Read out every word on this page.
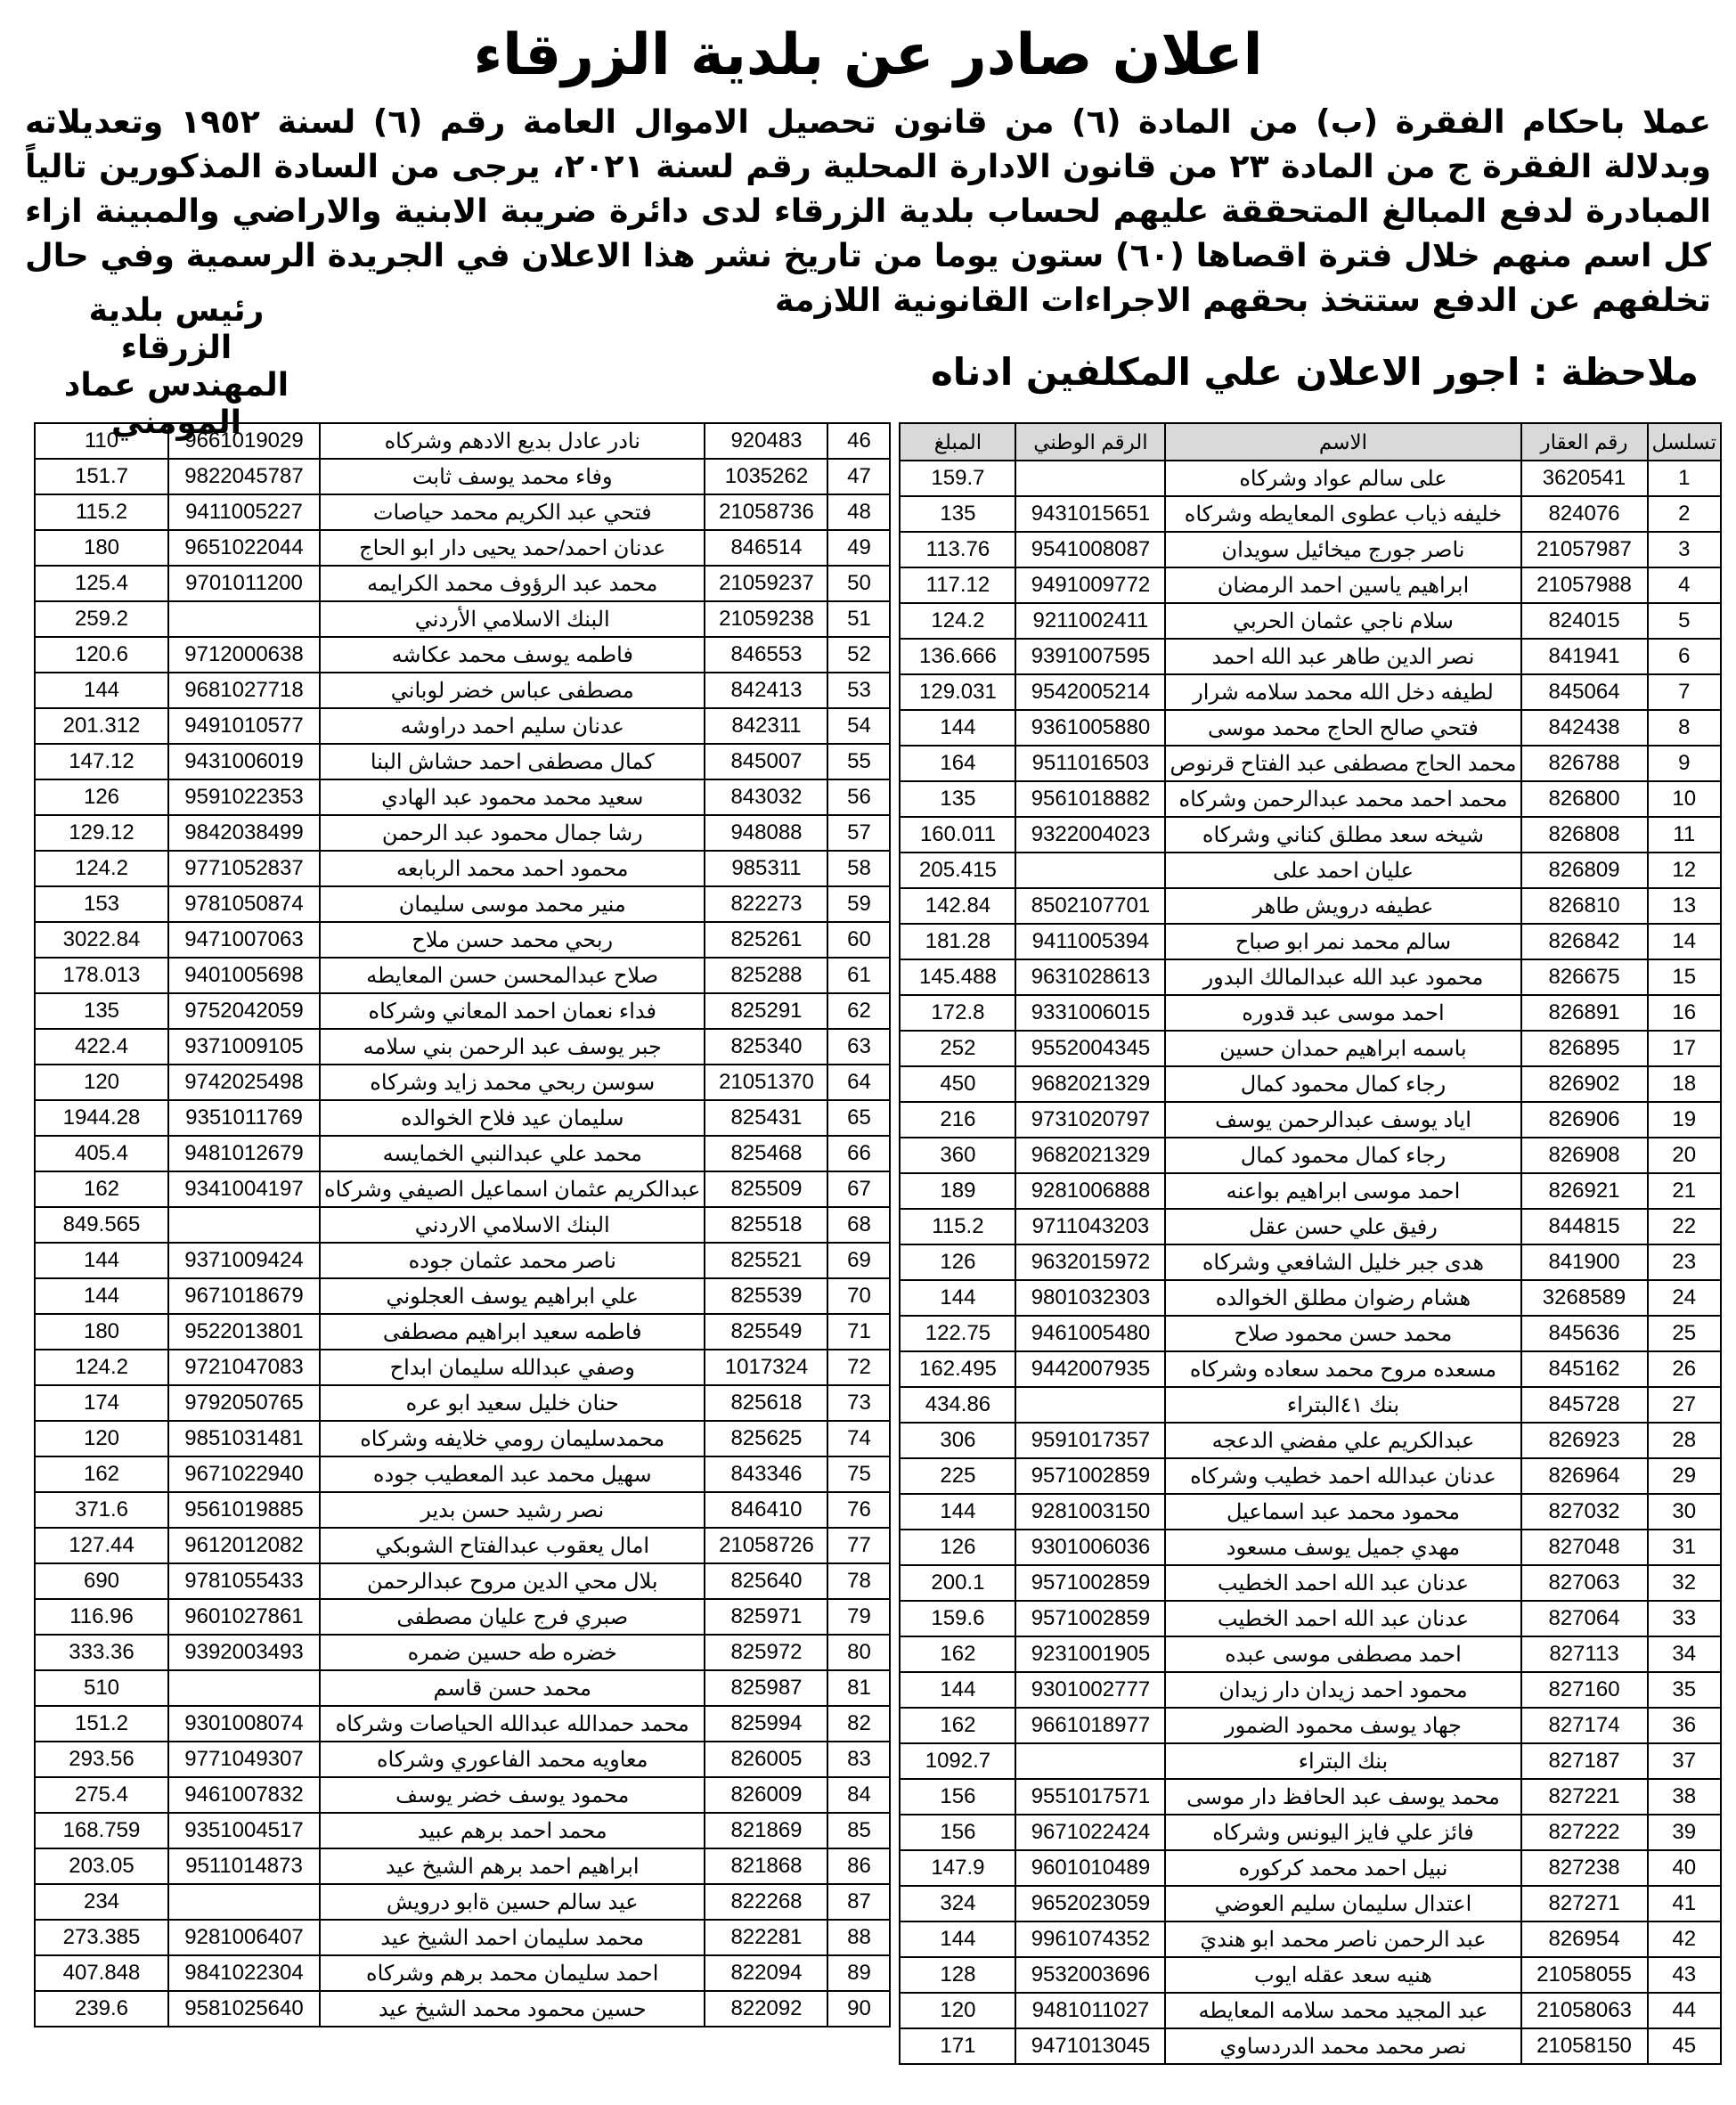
اعلان صادر عن بلدية الزرقاء
عملا باحكام الفقرة (ب) من المادة (٦) من قانون تحصيل الاموال العامة رقم (٦) لسنة ١٩٥٢ وتعديلاته وبدلالة الفقرة ج من المادة ٢٣ من قانون الادارة المحلية رقم لسنة ٢٠٢١، يرجى من السادة المذكورين تالياً المبادرة لدفع المبالغ المتحققة عليهم لحساب بلدية الزرقاء لدى دائرة ضريبة الابنية والاراضي والمبينة ازاء كل اسم منهم خلال فترة اقصاها (٦٠) ستون يوما من تاريخ نشر هذا الاعلان في الجريدة الرسمية وفي حال تخلفهم عن الدفع ستتخذ بحقهم الاجراءات القانونية اللازمة
رئيس بلدية الزرقاء
المهندس عماد المومني
ملاحظة : اجور الاعلان علي المكلفين ادناه
تسلسل	رقم العقار	الاسم	الرقم الوطني	المبلغ
1	3620541	على سالم عواد وشركاه		159.7
2	824076	خليفه ذياب عطوى المعايطه وشركاه	9431015651	135
3	21057987	ناصر جورج ميخائيل سويدان	9541008087	113.76
4	21057988	ابراهيم ياسين احمد الرمضان	9491009772	117.12
5	824015	سلام ناجي عثمان الحربي	9211002411	124.2
6	841941	نصر الدين طاهر عبد الله احمد	9391007595	136.666
7	845064	لطيفه دخل الله محمد سلامه شرار	9542005214	129.031
8	842438	فتحي صالح الحاج محمد موسى	9361005880	144
9	826788	محمد الحاج مصطفى عبد الفتاح قرنوص	9511016503	164
10	826800	محمد احمد محمد عبدالرحمن وشركاه	9561018882	135
11	826808	شيخه سعد مطلق كناني وشركاه	9322004023	160.011
12	826809	عليان احمد على		205.415
13	826810	عطيفه درويش طاهر	8502107701	142.84
14	826842	سالم محمد نمر ابو صباح	9411005394	181.28
15	826675	محمود عبد الله عبدالمالك البدور	9631028613	145.488
16	826891	احمد موسى عبد قدوره	9331006015	172.8
17	826895	باسمه ابراهيم حمدان حسين	9552004345	252
18	826902	رجاء كمال محمود كمال	9682021329	450
19	826906	اياد يوسف عبدالرحمن يوسف	9731020797	216
20	826908	رجاء كمال محمود كمال	9682021329	360
21	826921	احمد موسى ابراهيم بواعنه	9281006888	189
22	844815	رفيق علي حسن عقل	9711043203	115.2
23	841900	هدى جبر خليل الشافعي وشركاه	9632015972	126
24	3268589	هشام رضوان مطلق الخوالده	9801032303	144
25	845636	محمد حسن محمود صلاح	9461005480	122.75
26	845162	مسعده مروح محمد سعاده وشركاه	9442007935	162.495
27	845728	بنك ٤١البتراء		434.86
28	826923	عبدالكريم علي مفضي الدعجه	9591017357	306
29	826964	عدنان عبدالله احمد خطيب وشركاه	9571002859	225
30	827032	محمود محمد عبد اسماعيل	9281003150	144
31	827048	مهدي جميل يوسف مسعود	9301006036	126
32	827063	عدنان عبد الله احمد الخطيب	9571002859	200.1
33	827064	عدنان عبد الله احمد الخطيب	9571002859	159.6
34	827113	احمد مصطفى موسى عبده	9231001905	162
35	827160	محمود احمد زيدان دار زيدان	9301002777	144
36	827174	جهاد يوسف محمود الضمور	9661018977	162
37	827187	بنك البتراء		1092.7
38	827221	محمد يوسف عبد الحافظ دار موسى	9551017571	156
39	827222	فائز علي فايز اليونس وشركاه	9671022424	156
40	827238	نبيل احمد محمد كركوره	9601010489	147.9
41	827271	اعتدال سليمان سليم العوضي	9652023059	324
42	826954	عبد الرحمن ناصر محمد ابو هنديَ	9961074352	144
43	21058055	هنيه سعد عقله ايوب	9532003696	128
44	21058063	عبد المجيد محمد سلامه المعايطه	9481011027	120
45	21058150	نصر محمد محمد الدردساوي	9471013045	171
46	920483	نادر عادل بديع الادهم وشركاه	9661019029	110
47	1035262	وفاء محمد يوسف ثابت	9822045787	151.7
48	21058736	فتحي عبد الكريم محمد حياصات	9411005227	115.2
49	846514	عدنان احمد/حمد يحيى دار ابو الحاج	9651022044	180
50	21059237	محمد عبد الرؤوف محمد الكرايمه	9701011200	125.4
51	21059238	البنك الاسلامي الأردني		259.2
52	846553	فاطمه يوسف محمد عكاشه	9712000638	120.6
53	842413	مصطفى عباس خضر لوباني	9681027718	144
54	842311	عدنان سليم احمد دراوشه	9491010577	201.312
55	845007	كمال مصطفى احمد حشاش البنا	9431006019	147.12
56	843032	سعيد محمد محمود عبد الهادي	9591022353	126
57	948088	رشا جمال محمود عبد الرحمن	9842038499	129.12
58	985311	محمود احمد محمد الربابعه	9771052837	124.2
59	822273	منير محمد موسى سليمان	9781050874	153
60	825261	ربحي محمد حسن ملاح	9471007063	3022.84
61	825288	صلاح عبدالمحسن حسن المعايطه	9401005698	178.013
62	825291	فداء نعمان احمد المعاني وشركاه	9752042059	135
63	825340	جبر يوسف عبد الرحمن بني سلامه	9371009105	422.4
64	21051370	سوسن ربحي محمد زايد وشركاه	9742025498	120
65	825431	سليمان عيد فلاح الخوالده	9351011769	1944.28
66	825468	محمد علي عبدالنبي الخمايسه	9481012679	405.4
67	825509	عبدالكريم عثمان اسماعيل الصيفي وشركاه	9341004197	162
68	825518	البنك الاسلامي الاردني		849.565
69	825521	ناصر محمد عثمان جوده	9371009424	144
70	825539	علي ابراهيم يوسف العجلوني	9671018679	144
71	825549	فاطمه سعيد ابراهيم مصطفى	9522013801	180
72	1017324	وصفي عبدالله سليمان ابداح	9721047083	124.2
73	825618	حنان خليل سعيد ابو عره	9792050765	174
74	825625	محمدسليمان رومي خلايفه وشركاه	9851031481	120
75	843346	سهيل محمد عبد المعطيب جوده	9671022940	162
76	846410	نصر رشيد حسن بدير	9561019885	371.6
77	21058726	امال يعقوب عبدالفتاح الشوبكي	9612012082	127.44
78	825640	بلال محي الدين مروح عبدالرحمن	9781055433	690
79	825971	صبري فرج عليان مصطفى	9601027861	116.96
80	825972	خضره طه حسين ضمره	9392003493	333.36
81	825987	محمد حسن قاسم		510
82	825994	محمد حمدالله عبدالله الحياصات وشركاه	9301008074	151.2
83	826005	معاويه محمد الفاعوري وشركاه	9771049307	293.56
84	826009	محمود يوسف خضر يوسف	9461007832	275.4
85	821869	محمد احمد برهم عبيد	9351004517	168.759
86	821868	ابراهيم احمد برهم الشيخ عيد	9511014873	203.05
87	822268	عيد سالم حسين ةابو درويش		234
88	822281	محمد سليمان احمد الشيخ عيد	9281006407	273.385
89	822094	احمد سليمان محمد برهم وشركاه	9841022304	407.848
90	822092	حسين محمود محمد الشيخ عيد	9581025640	239.6
